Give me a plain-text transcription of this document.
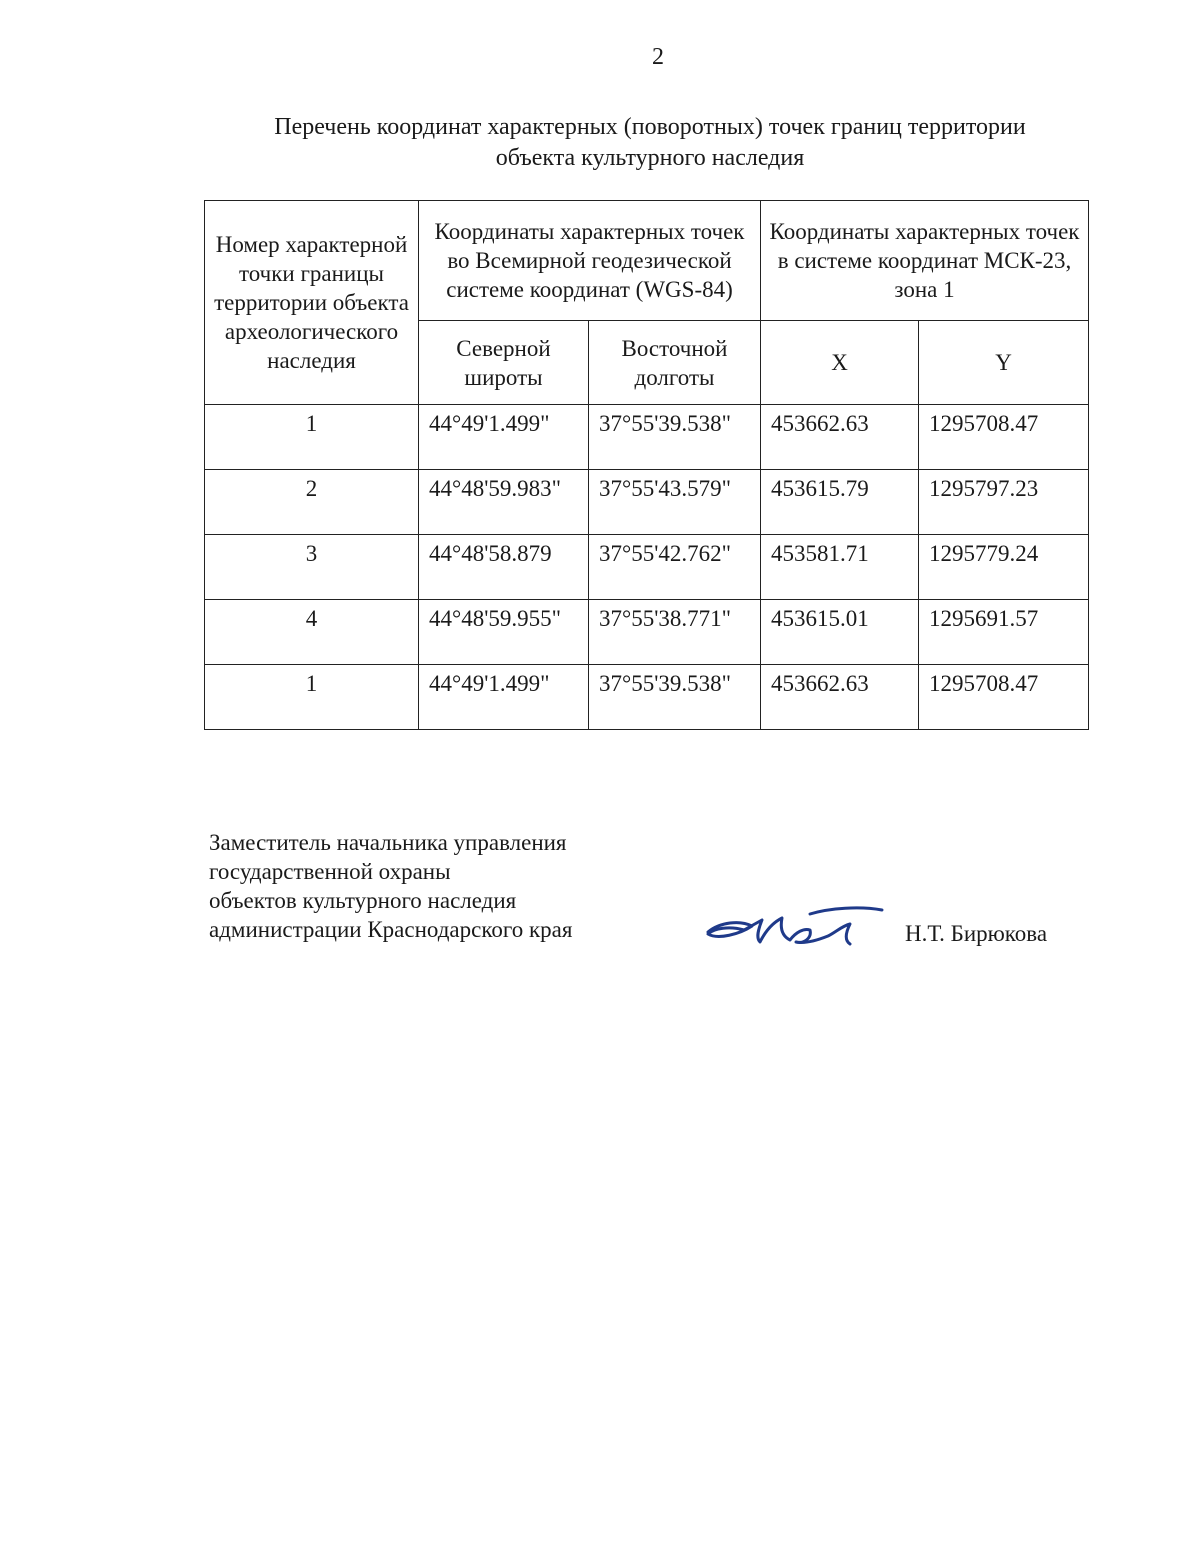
2
Перечень координат характерных (поворотных) точек границ территории
объекта культурного наследия
Номер характерной точки границы территории объекта археологического наследия	Координаты характерных точек во Всемирной геодезической системе координат (WGS-84)		Координаты характерных точек в системе координат МСК-23, зона 1	
	Северной широты	Восточной долготы	X	Y
1	44°49'1.499"	37°55'39.538"	453662.63	1295708.47
2	44°48'59.983"	37°55'43.579"	453615.79	1295797.23
3	44°48'58.879	37°55'42.762"	453581.71	1295779.24
4	44°48'59.955"	37°55'38.771"	453615.01	1295691.57
1	44°49'1.499"	37°55'39.538"	453662.63	1295708.47
Заместитель начальника управления
государственной охраны
объектов культурного наследия
администрации Краснодарского края	Н.Т. Бирюкова
